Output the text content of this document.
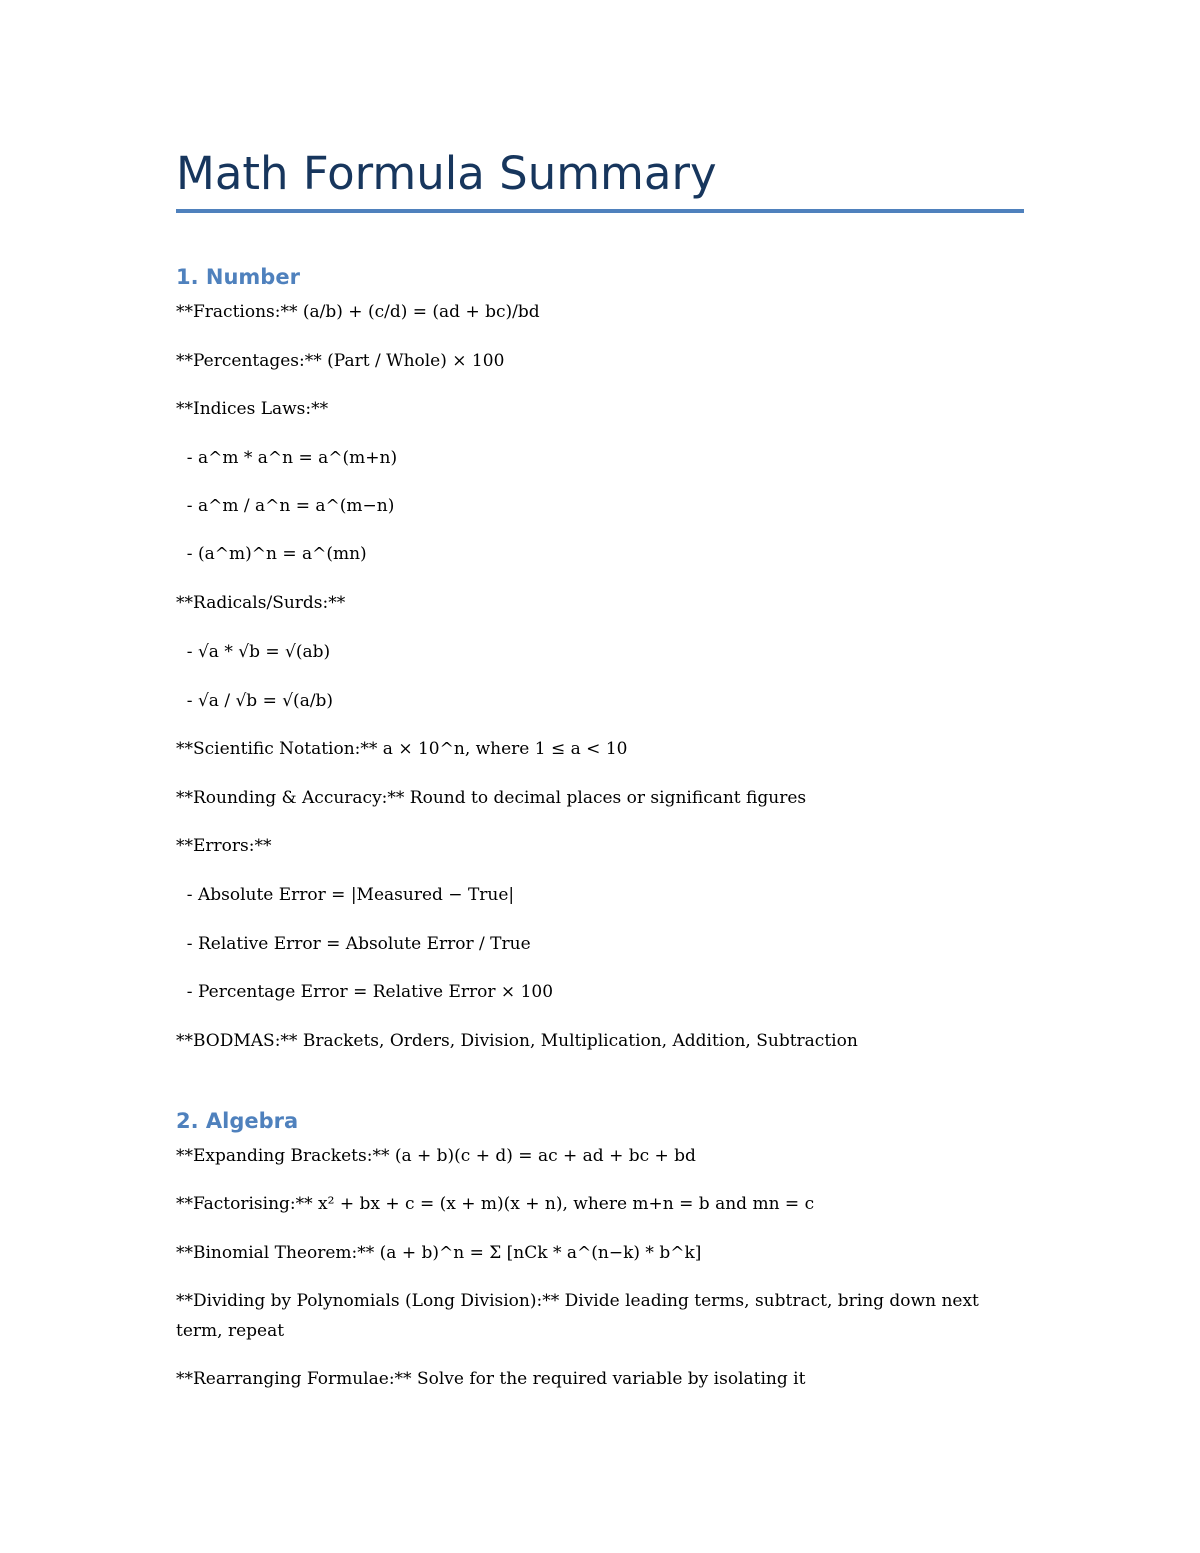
Math Formula Summary
1. Number

**Fractions:** (a/b) + (c/d) = (ad + bc)/bd

**Percentages:** (Part / Whole) × 100

**Indices Laws:**

- a^m * a^n = a^(m+n)

- a^m / a^n = a^(m−n)

- (a^m)^n = a^(mn)

**Radicals/Surds:**

- √a * √b = √(ab)

- √a / √b = √(a/b)

**Scientific Notation:** a × 10^n, where 1 ≤ a < 10

**Rounding & Accuracy:** Round to decimal places or significant figures

**Errors:**

- Absolute Error = |Measured − True|

- Relative Error = Absolute Error / True

- Percentage Error = Relative Error × 100

**BODMAS:** Brackets, Orders, Division, Multiplication, Addition, Subtraction

2. Algebra

**Expanding Brackets:** (a + b)(c + d) = ac + ad + bc + bd

**Factorising:** x² + bx + c = (x + m)(x + n), where m+n = b and mn = c

**Binomial Theorem:** (a + b)^n = Σ [nCk * a^(n−k) * b^k]

**Dividing by Polynomials (Long Division):** Divide leading terms, subtract, bring down next term, repeat

**Rearranging Formulae:** Solve for the required variable by isolating it
